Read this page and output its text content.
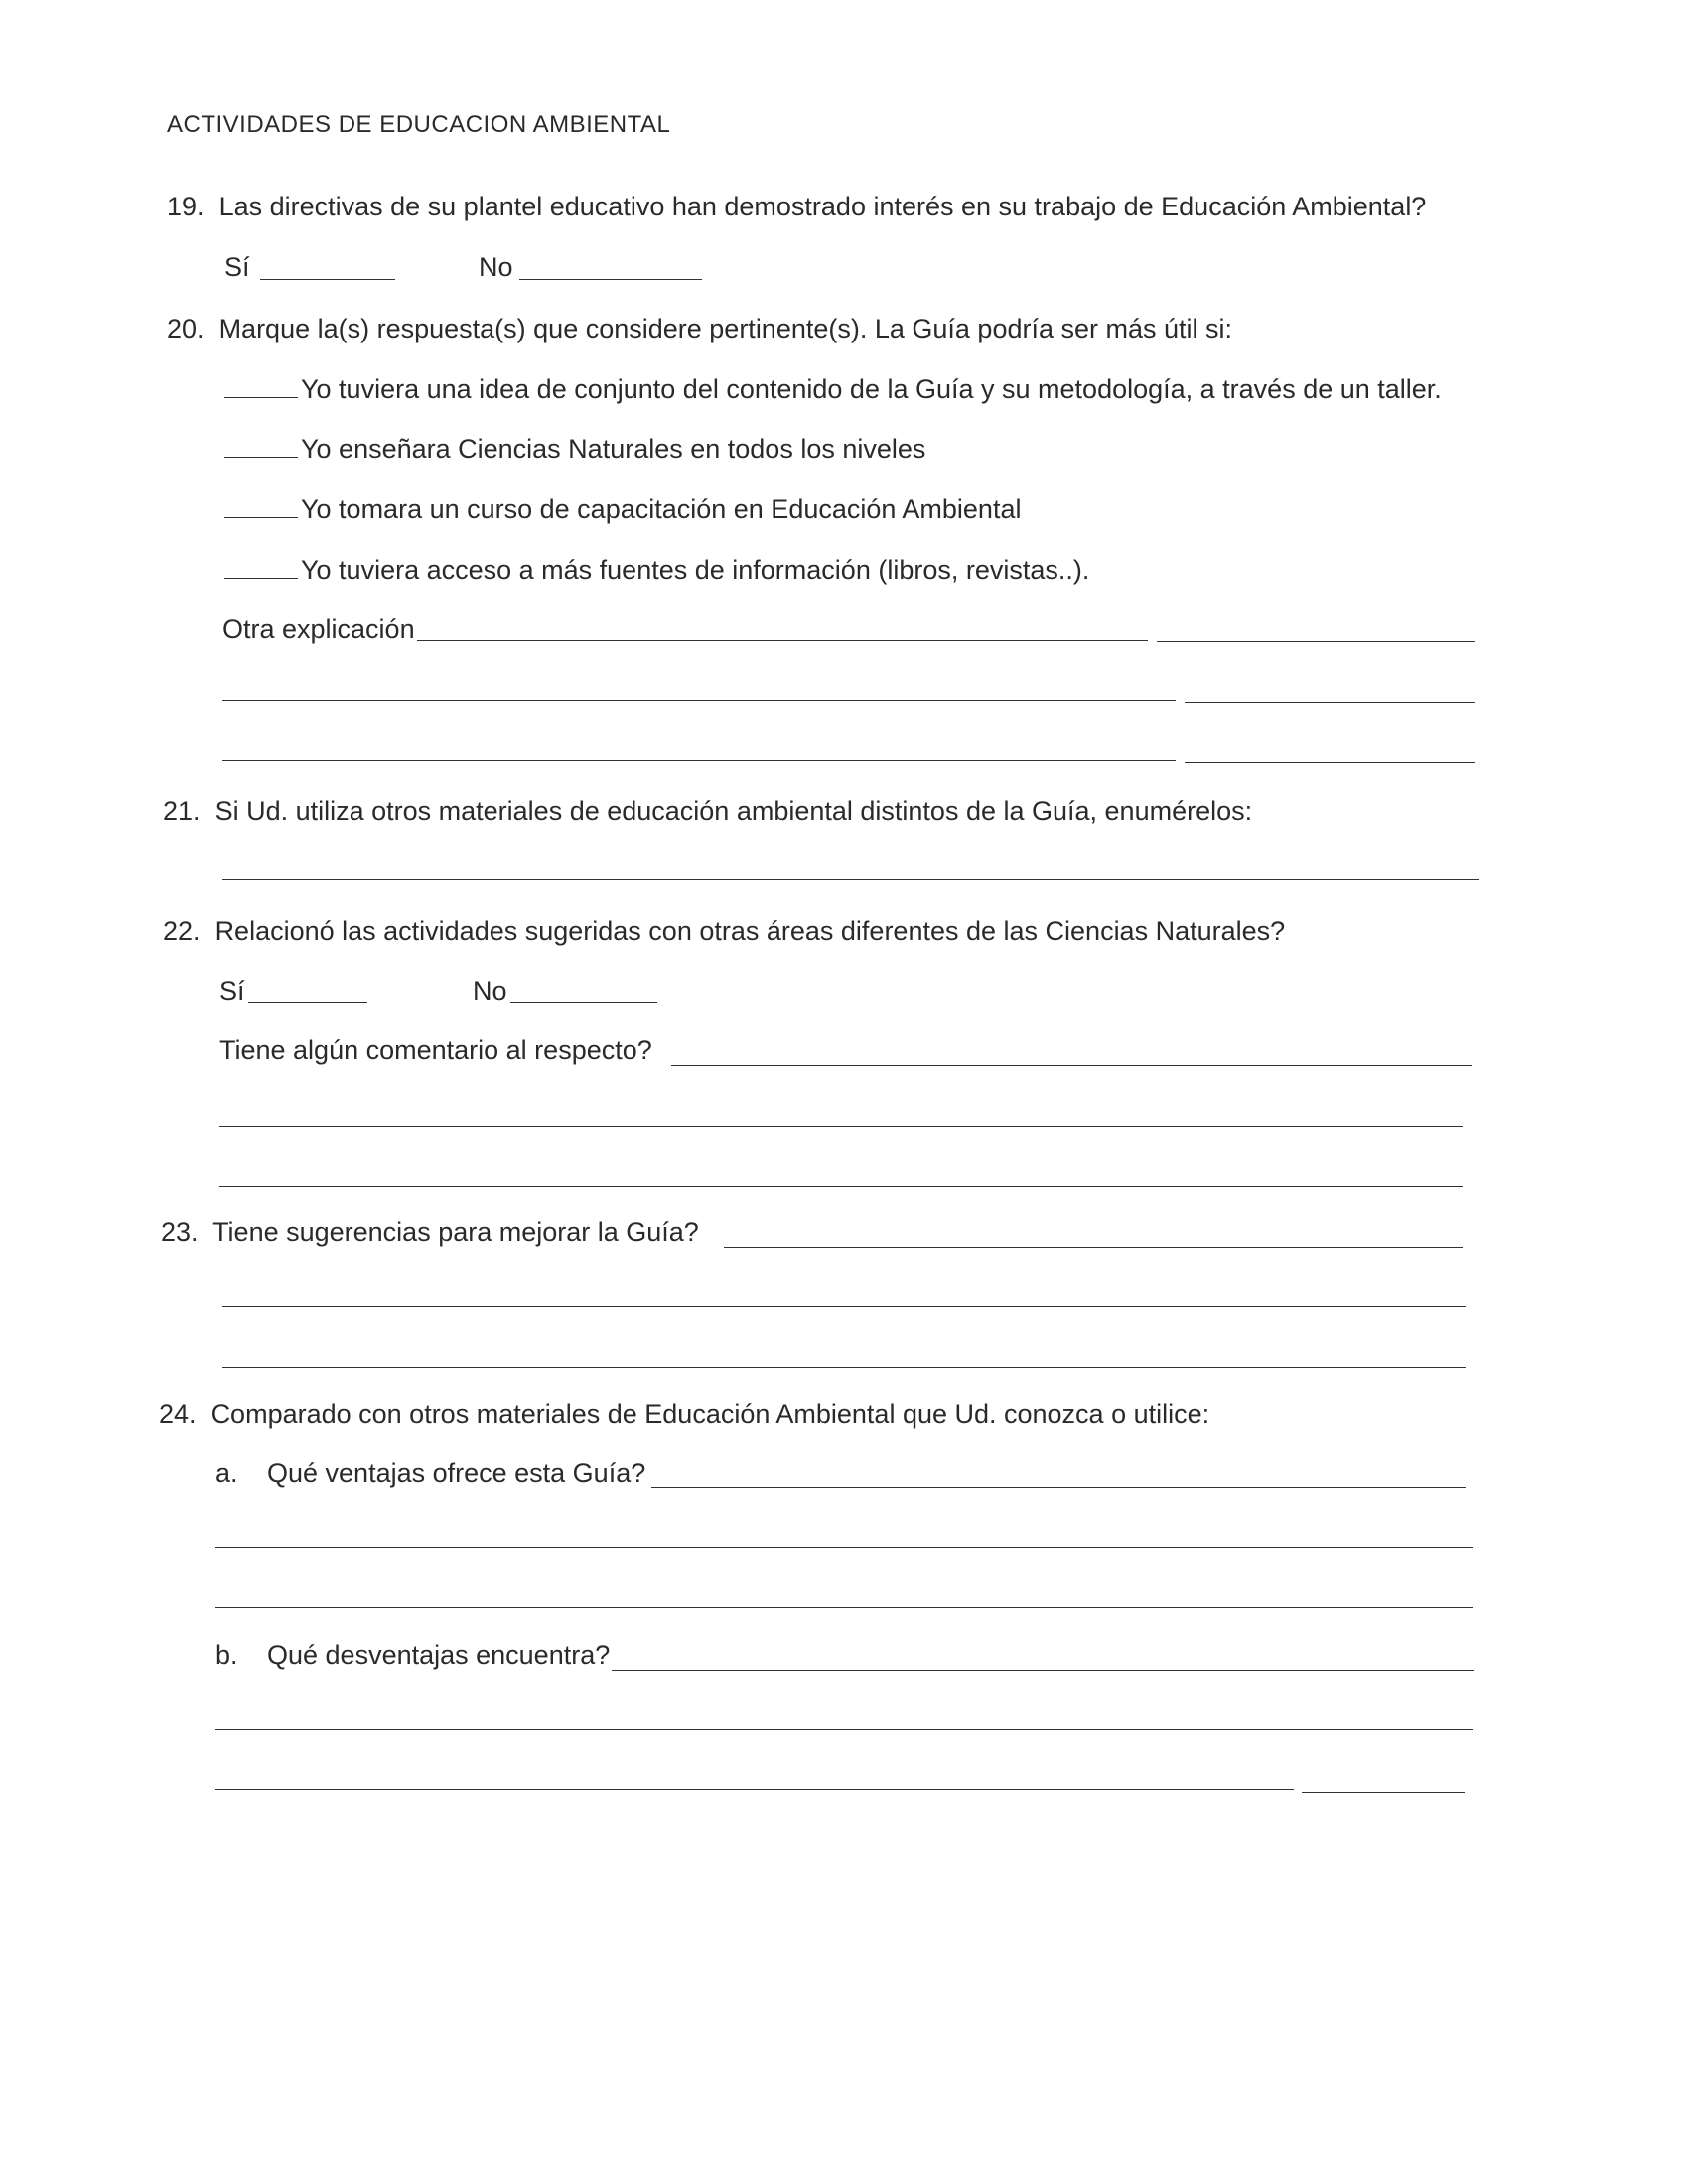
ACTIVIDADES DE EDUCACION AMBIENTAL
19. Las directivas de su plantel educativo han demostrado interés en su trabajo de Educación Ambiental?
Sí	No
20. Marque la(s) respuesta(s) que considere pertinente(s). La Guía podría ser más útil si:
Yo tuviera una idea de conjunto del contenido de la Guía y su metodología, a través de un taller.
Yo enseñara Ciencias Naturales en todos los niveles
Yo tomara un curso de capacitación en Educación Ambiental
Yo tuviera acceso a más fuentes de información (libros, revistas..).
Otra explicación
21. Si Ud. utiliza otros materiales de educación ambiental distintos de la Guía, enumérelos:
22. Relacionó las actividades sugeridas con otras áreas diferentes de las Ciencias Naturales?
Sí	No
Tiene algún comentario al respecto?
23. Tiene sugerencias para mejorar la Guía?
24. Comparado con otros materiales de Educación Ambiental que Ud. conozca o utilice:
a. Qué ventajas ofrece esta Guía?
b. Qué desventajas encuentra?
